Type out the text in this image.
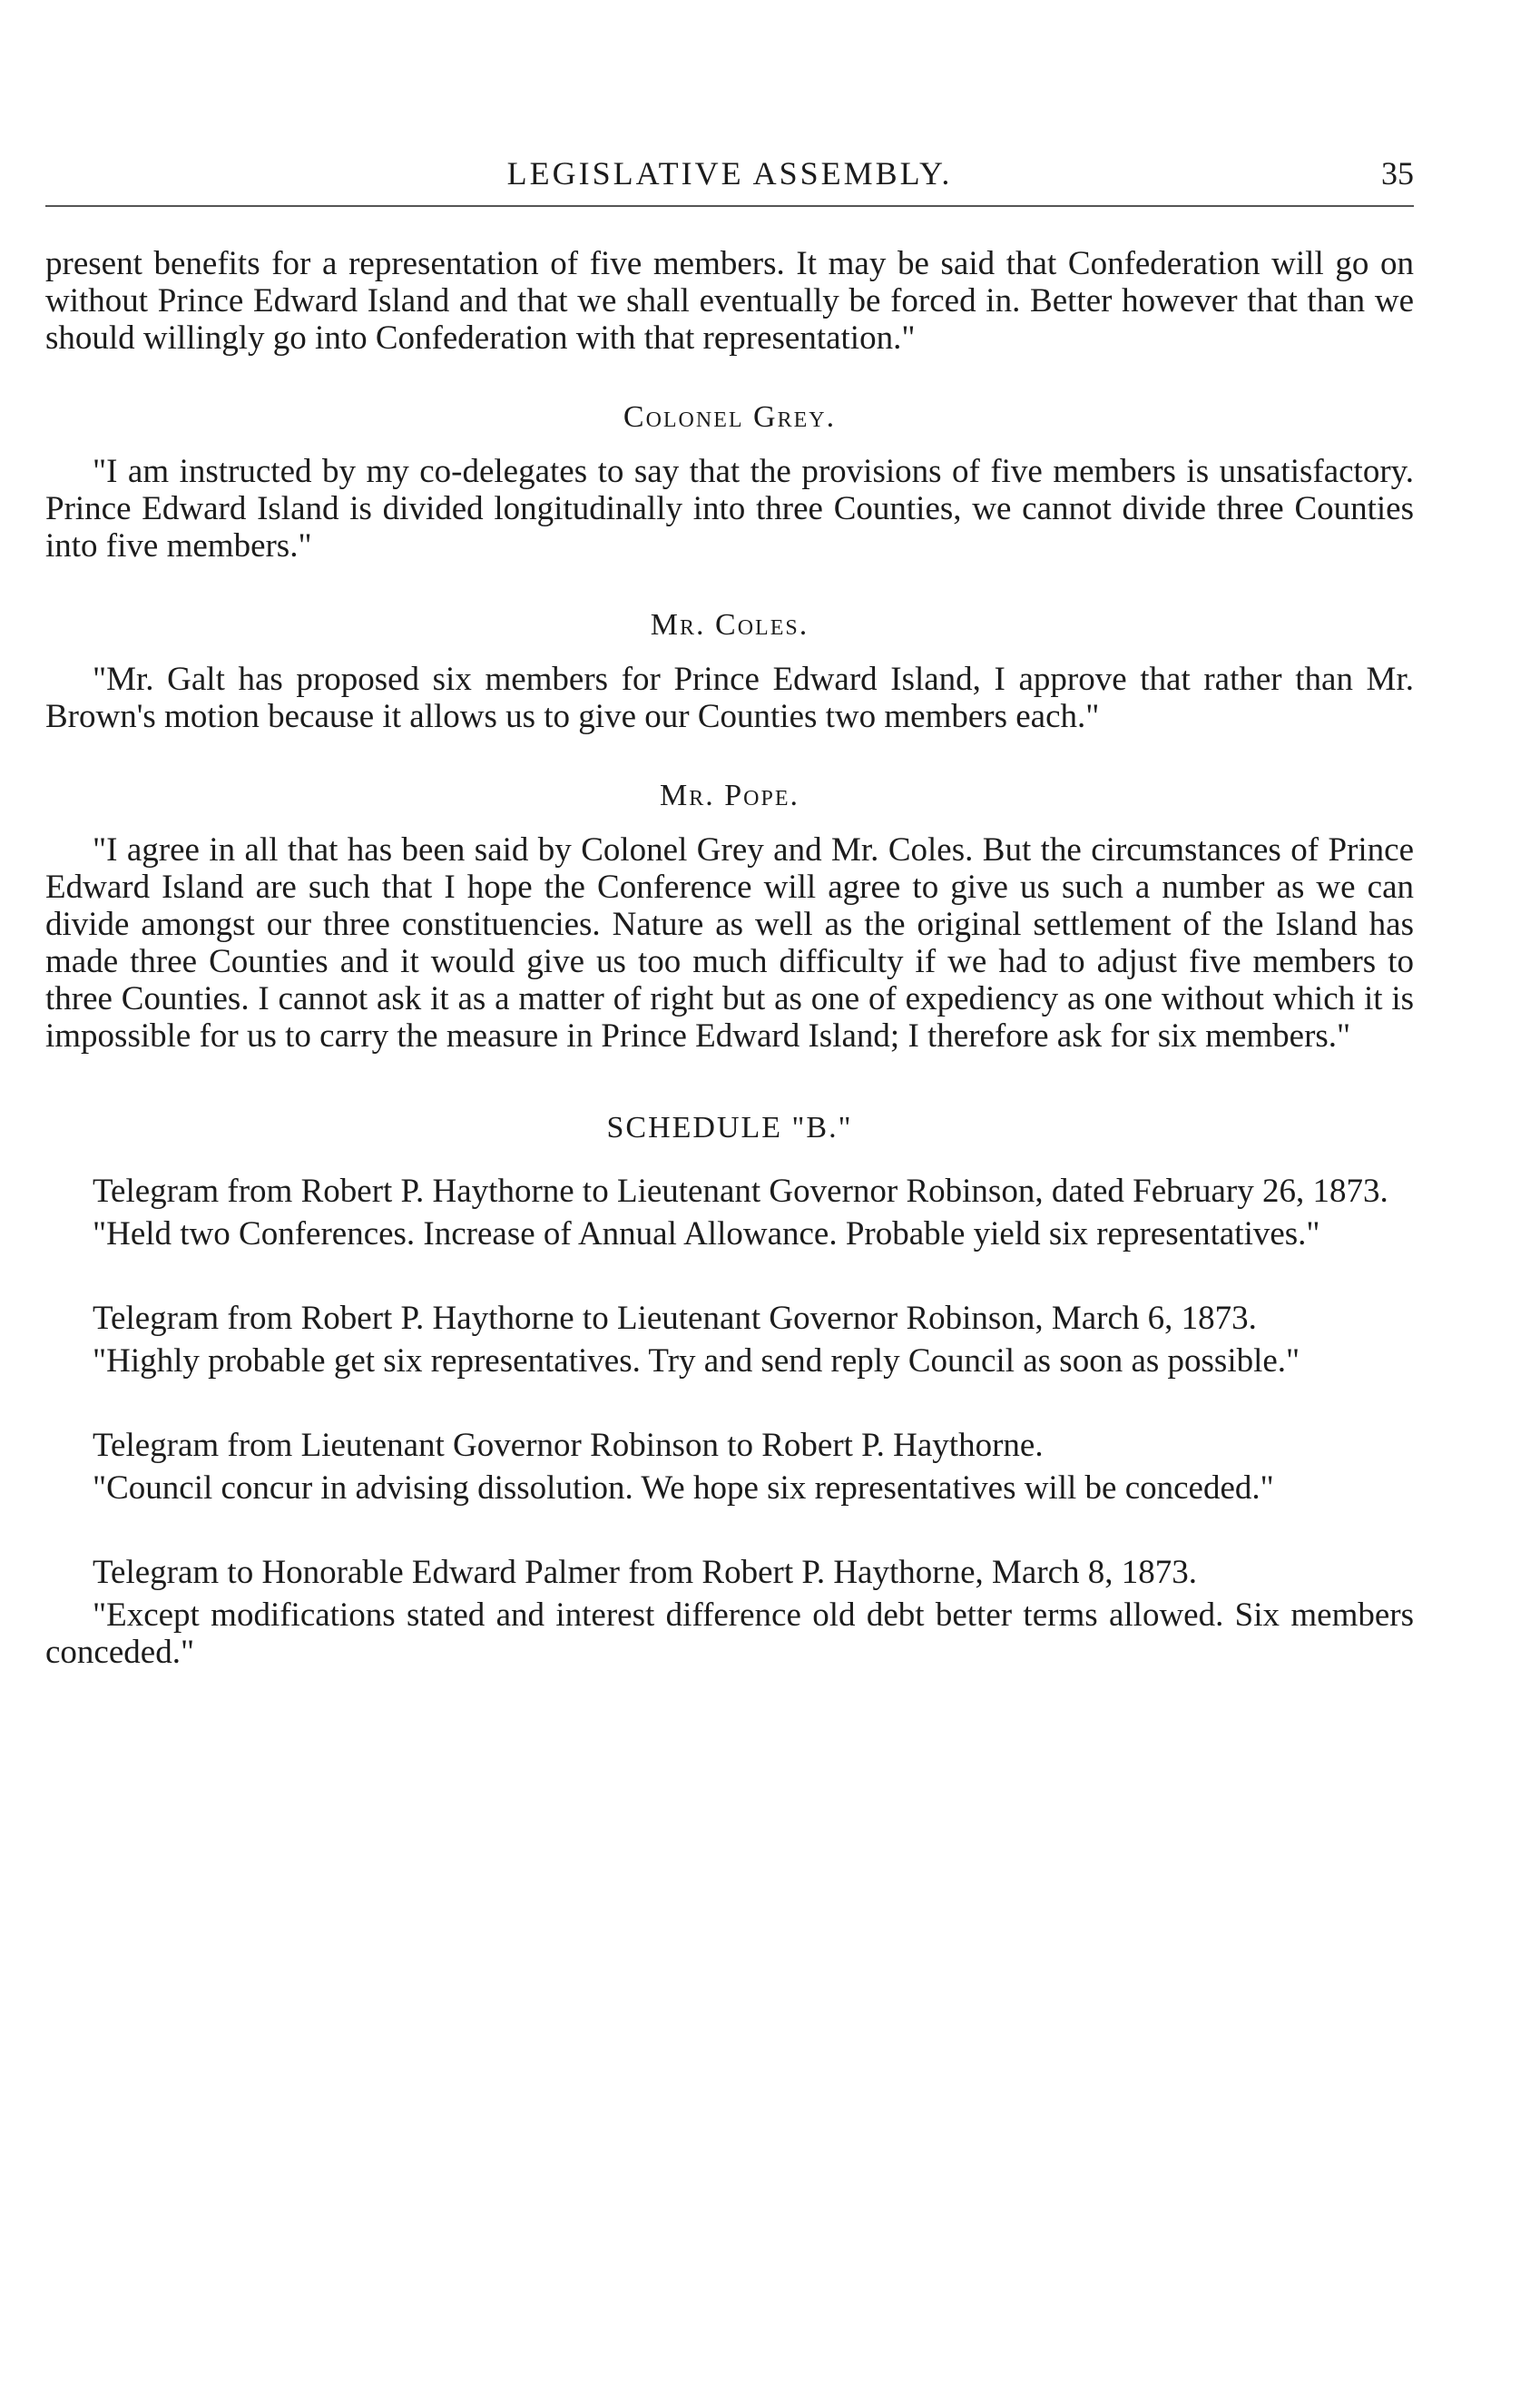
LEGISLATIVE ASSEMBLY.	35

present benefits for a representation of five members. It may be said that Confederation will go on without Prince Edward Island and that we shall eventually be forced in. Better however that than we should willingly go into Confederation with that representation."

Colonel Grey.

"I am instructed by my co-delegates to say that the provisions of five members is unsatisfactory. Prince Edward Island is divided longitudinally into three Counties, we cannot divide three Counties into five members."

Mr. Coles.

"Mr. Galt has proposed six members for Prince Edward Island, I approve that rather than Mr. Brown's motion because it allows us to give our Counties two members each."

Mr. Pope.

"I agree in all that has been said by Colonel Grey and Mr. Coles. But the circumstances of Prince Edward Island are such that I hope the Conference will agree to give us such a number as we can divide amongst our three constituencies. Nature as well as the original settlement of the Island has made three Counties and it would give us too much difficulty if we had to adjust five members to three Counties. I cannot ask it as a matter of right but as one of expediency as one without which it is impossible for us to carry the measure in Prince Edward Island; I therefore ask for six members."

SCHEDULE "B."

Telegram from Robert P. Haythorne to Lieutenant Governor Robinson, dated February 26, 1873.

"Held two Conferences. Increase of Annual Allowance. Probable yield six representatives."

Telegram from Robert P. Haythorne to Lieutenant Governor Robinson, March 6, 1873.

"Highly probable get six representatives. Try and send reply Council as soon as possible."

Telegram from Lieutenant Governor Robinson to Robert P. Haythorne.

"Council concur in advising dissolution. We hope six representatives will be conceded."

Telegram to Honorable Edward Palmer from Robert P. Haythorne, March 8, 1873.

"Except modifications stated and interest difference old debt better terms allowed. Six members conceded."
